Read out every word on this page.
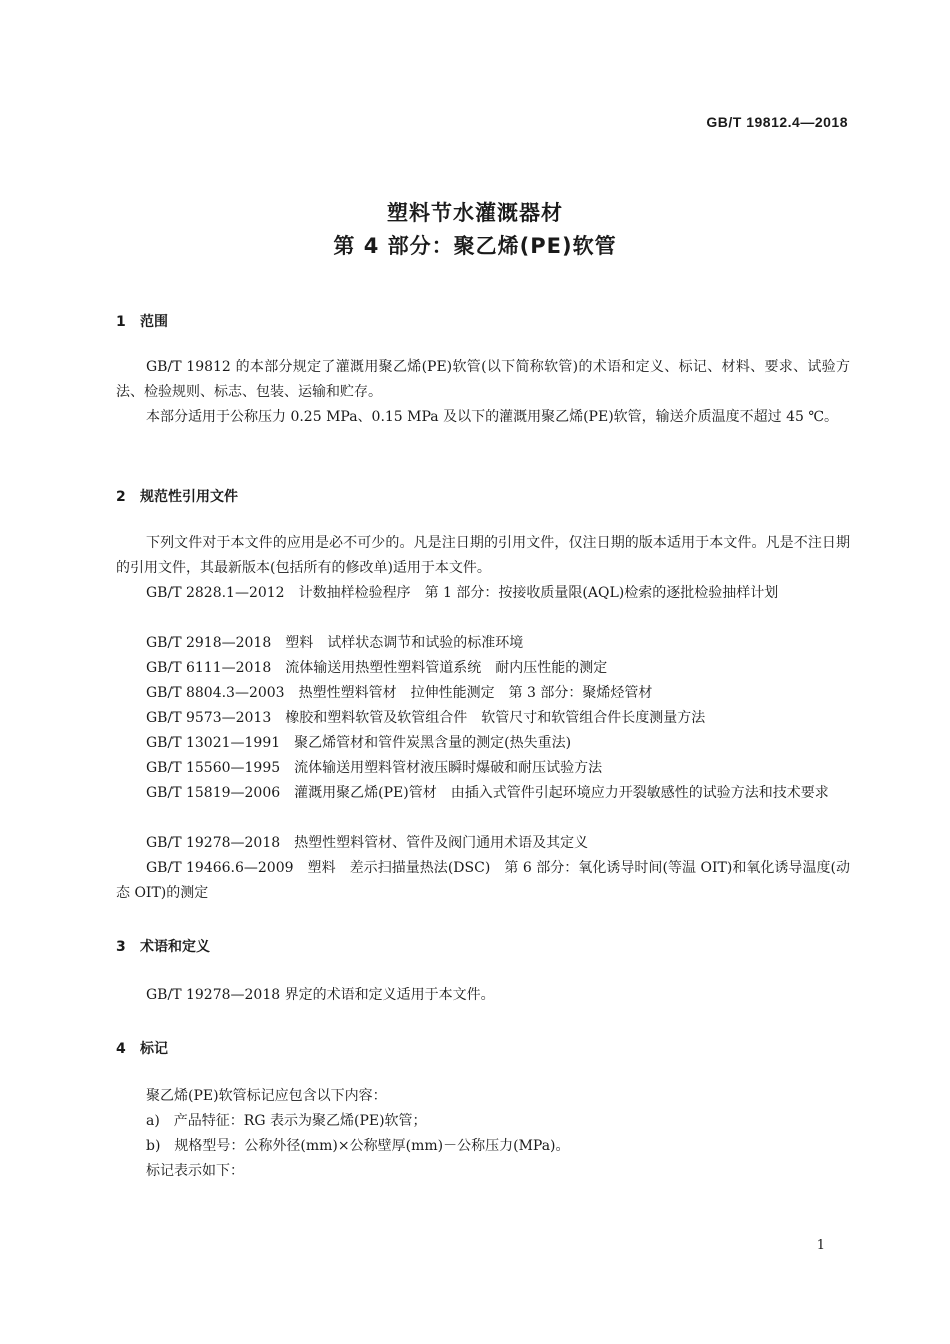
GB/T 19812.4—2018
塑料节水灌溉器材
第 4 部分：聚乙烯(PE)软管
1 范围

GB/T 19812 的本部分规定了灌溉用聚乙烯(PE)软管(以下简称软管)的术语和定义、标记、材料、要求、试验方法、检验规则、标志、包装、运输和贮存。

本部分适用于公称压力 0.25 MPa、0.15 MPa 及以下的灌溉用聚乙烯(PE)软管，输送介质温度不超过 45 ℃。

2 规范性引用文件

下列文件对于本文件的应用是必不可少的。凡是注日期的引用文件，仅注日期的版本适用于本文件。凡是不注日期的引用文件，其最新版本(包括所有的修改单)适用于本文件。

GB/T 2828.1—2012 计数抽样检验程序　第 1 部分：按接收质量限(AQL)检索的逐批检验抽样计划

GB/T 2918—2018 塑料　试样状态调节和试验的标准环境

GB/T 6111—2018 流体输送用热塑性塑料管道系统　耐内压性能的测定

GB/T 8804.3—2003 热塑性塑料管材　拉伸性能测定　第 3 部分：聚烯烃管材

GB/T 9573—2013 橡胶和塑料软管及软管组合件　软管尺寸和软管组合件长度测量方法

GB/T 13021—1991 聚乙烯管材和管件炭黑含量的测定(热失重法)

GB/T 15560—1995 流体输送用塑料管材液压瞬时爆破和耐压试验方法

GB/T 15819—2006 灌溉用聚乙烯(PE)管材　由插入式管件引起环境应力开裂敏感性的试验方法和技术要求

GB/T 19278—2018 热塑性塑料管材、管件及阀门通用术语及其定义

GB/T 19466.6—2009 塑料　差示扫描量热法(DSC)　第 6 部分：氧化诱导时间(等温 OIT)和氧化诱导温度(动态 OIT)的测定

3 术语和定义

GB/T 19278—2018 界定的术语和定义适用于本文件。

4 标记

聚乙烯(PE)软管标记应包含以下内容：

a)　产品特征：RG 表示为聚乙烯(PE)软管；

b)　规格型号：公称外径(mm)×公称壁厚(mm)－公称压力(MPa)。

标记表示如下：

1
